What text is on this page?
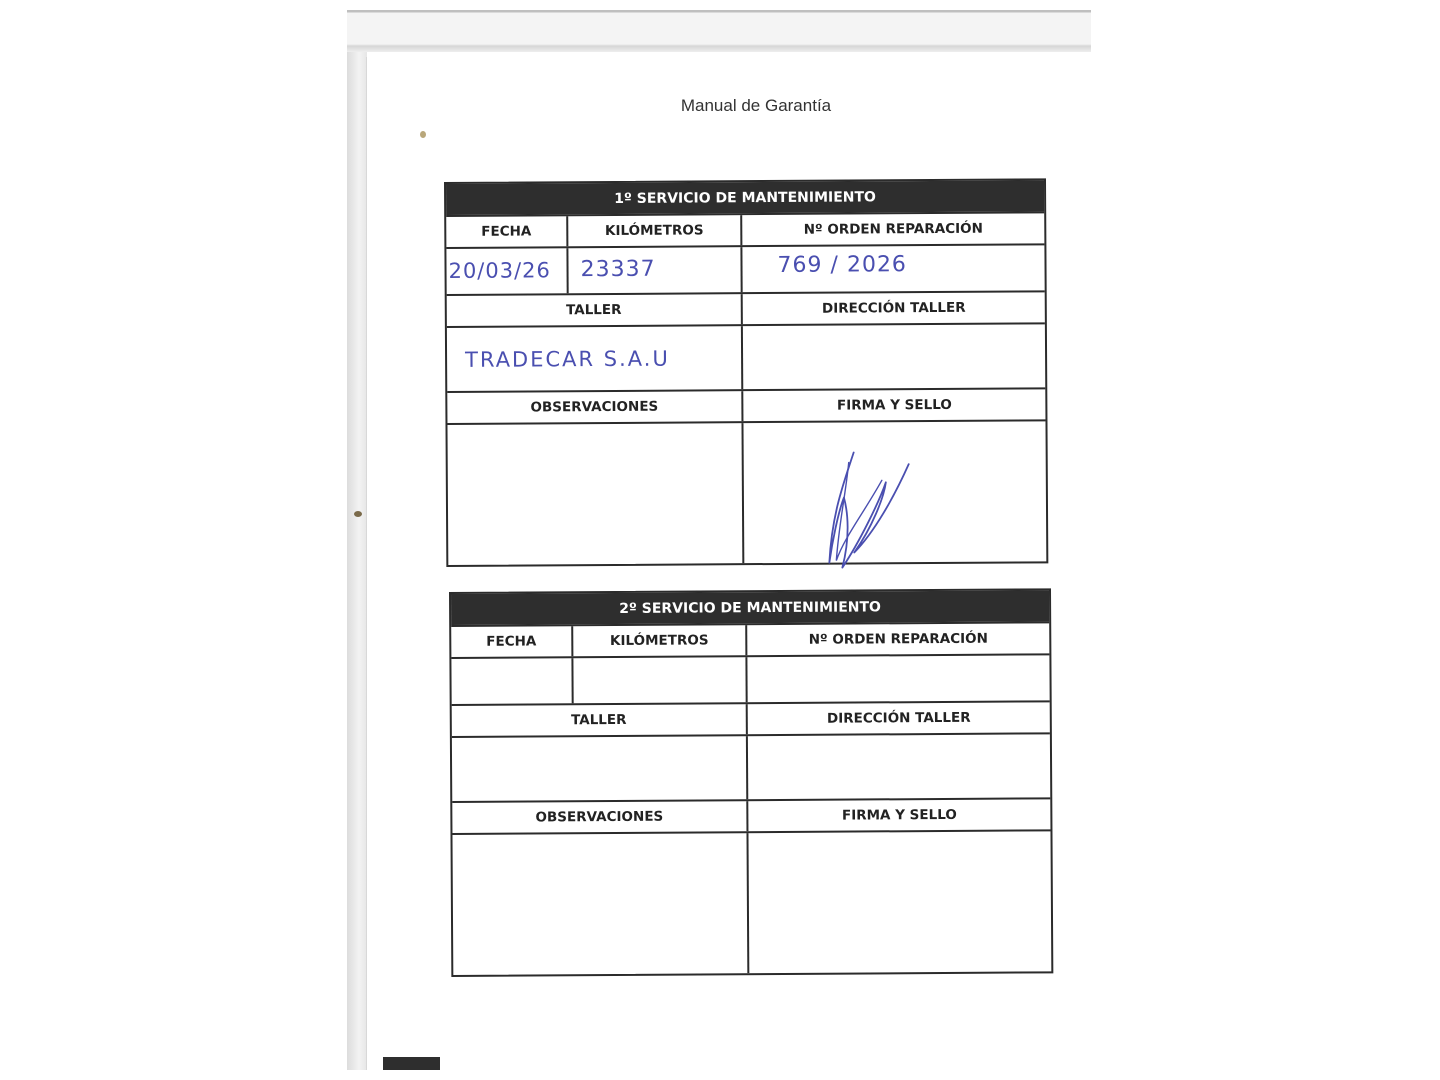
Manual de Garantía
1º SERVICIO DE MANTENIMIENTO
FECHA	KILÓMETROS	Nº ORDEN REPARACIÓN
20/03/26 23337	769 / 2026
TALLER	DIRECCIÓN TALLER
TRADECAR S.A.U
OBSERVACIONES	FIRMA Y SELLO
2º SERVICIO DE MANTENIMIENTO
FECHA	KILÓMETROS	Nº ORDEN REPARACIÓN
TALLER	DIRECCIÓN TALLER
OBSERVACIONES	FIRMA Y SELLO
